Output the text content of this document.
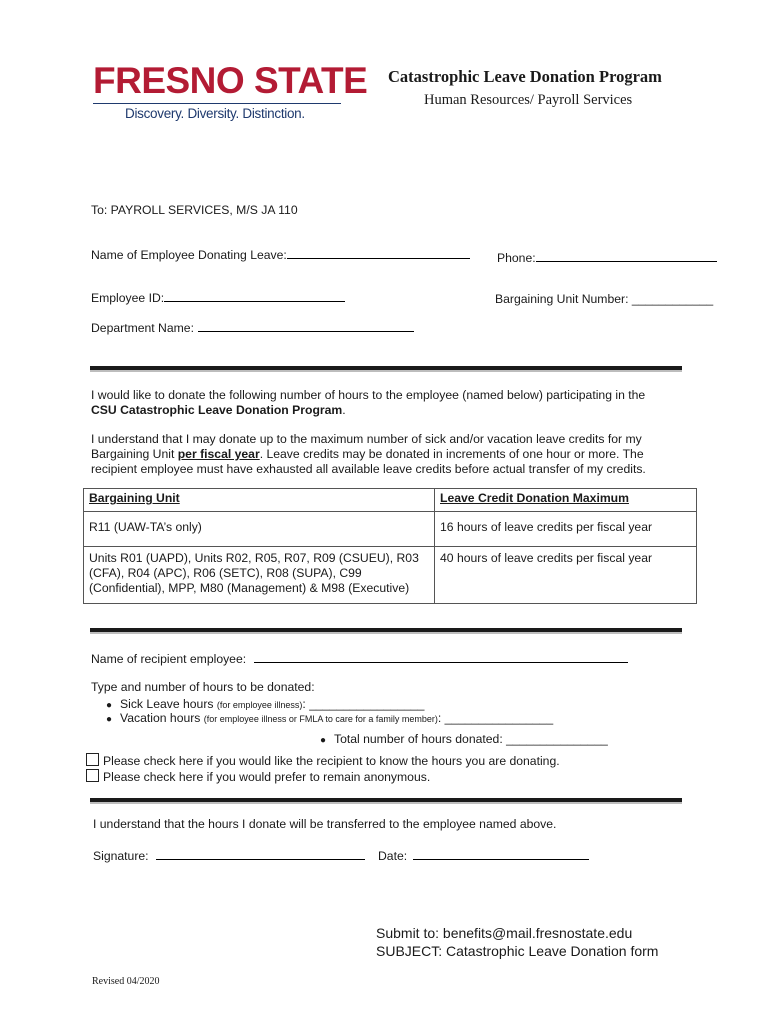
FRESNO STATE
Discovery. Diversity. Distinction.
Catastrophic Leave Donation Program
Human Resources/ Payroll Services
To: PAYROLL SERVICES, M/S JA 110
Name of Employee Donating Leave:	Phone:
Employee ID:	Bargaining Unit Number: ____________
Department Name:
I would like to donate the following number of hours to the employee (named below) participating in the
CSU Catastrophic Leave Donation Program.
I understand that I may donate up to the maximum number of sick and/or vacation leave credits for my
Bargaining Unit per fiscal year. Leave credits may be donated in increments of one hour or more. The
recipient employee must have exhausted all available leave credits before actual transfer of my credits.
Bargaining Unit	Leave Credit Donation Maximum
R11 (UAW-TA’s only)	16 hours of leave credits per fiscal year
Units R01 (UAPD), Units R02, R05, R07, R09 (CSUEU), R03 (CFA), R04 (APC), R06 (SETC), R08 (SUPA), C99 (Confidential), MPP, M80 (Management) & M98 (Executive)	40 hours of leave credits per fiscal year
Name of recipient employee:
Type and number of hours to be donated:
● Sick Leave hours (for employee illness): _________________
● Vacation hours (for employee illness or FMLA to care for a family member): ________________
● Total number of hours donated: _______________
Please check here if you would like the recipient to know the hours you are donating.
Please check here if you would prefer to remain anonymous.
I understand that the hours I donate will be transferred to the employee named above.
Signature:	Date:
Submit to: benefits@mail.fresnostate.edu
SUBJECT: Catastrophic Leave Donation form
Revised 04/2020
